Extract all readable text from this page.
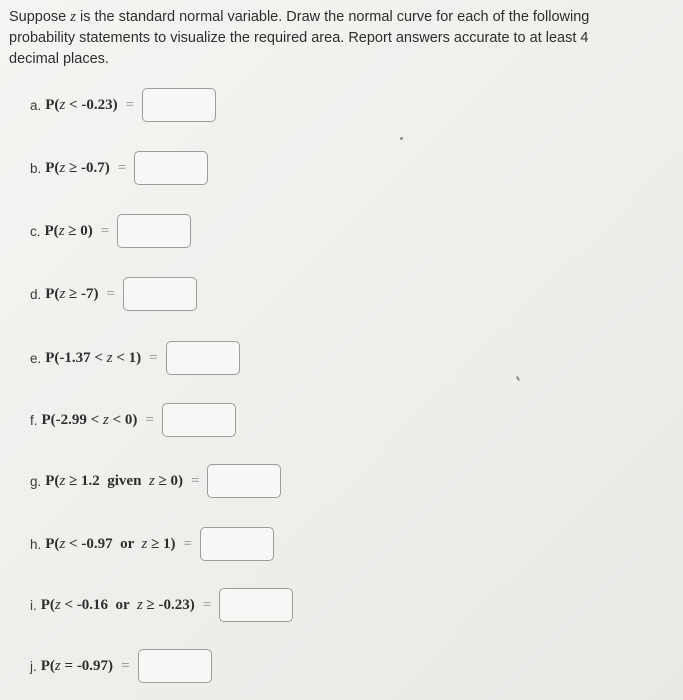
Suppose z is the standard normal variable. Draw the normal curve for each of the following probability statements to visualize the required area. Report answers accurate to at least 4 decimal places.

a. P(z < -0.23) =
b. P(z ≥ -0.7) =
c. P(z ≥ 0) =
d. P(z ≥ -7) =
e. P(-1.37 < z < 1) =
f. P(-2.99 < z < 0) =
g. P(z ≥ 1.2  given  z ≥ 0) =
h. P(z < -0.97  or  z ≥ 1) =
i. P(z < -0.16  or  z ≥ -0.23) =
j. P(z = -0.97) =
